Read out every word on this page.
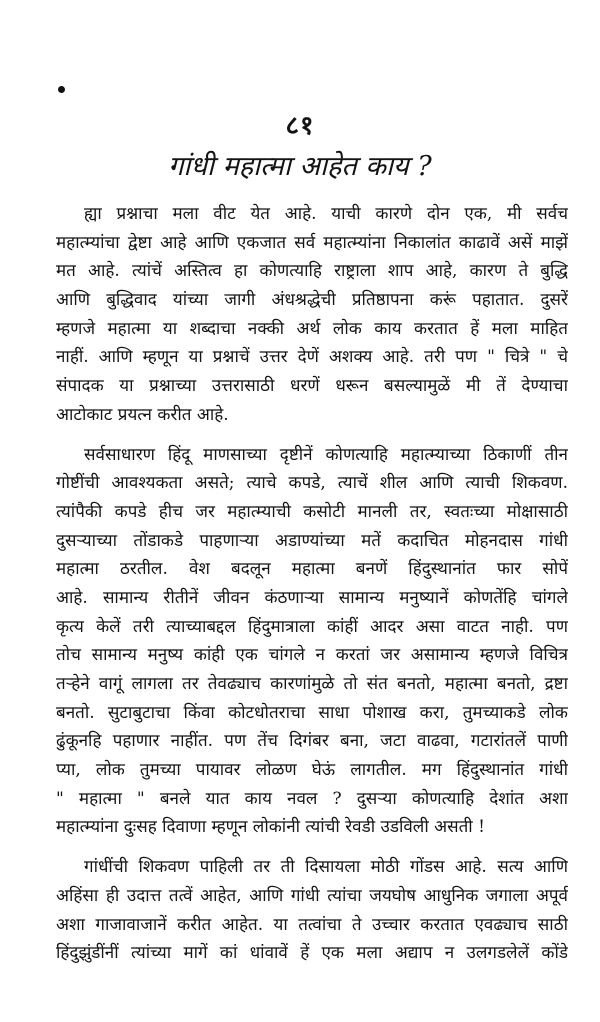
८१
गांधी महात्मा आहेत काय ?
ह्या प्रश्नाचा मला वीट येत आहे. याची कारणे दोन एक, मी सर्वच
महात्म्यांचा द्वेष्टा आहे आणि एकजात सर्व महात्म्यांना निकालांत काढावें असें माझें
मत आहे. त्यांचें अस्तित्व हा कोणत्याहि राष्ट्राला शाप आहे, कारण ते बुद्धि
आणि बुद्धिवाद यांच्या जागी अंधश्रद्धेची प्रतिष्ठापना करूं पहातात. दुसरें
म्हणजे महात्मा या शब्दाचा नक्की अर्थ लोक काय करतात हें मला माहित
नाहीं. आणि म्हणून या प्रश्नाचें उत्तर देणें अशक्य आहे. तरी पण " चित्रे " चे
संपादक या प्रश्नाच्या उत्तरासाठी धरणें धरून बसल्यामुळें मी तें देण्याचा
आटोकाट प्रयत्न करीत आहे.
सर्वसाधारण हिंदू माणसाच्या दृष्टीनें कोणत्याहि महात्म्याच्या ठिकाणीं तीन
गोष्टींची आवश्यकता असते; त्याचे कपडे, त्याचें शील आणि त्याची शिकवण.
त्यांपैकी कपडे हीच जर महात्म्याची कसोटी मानली तर, स्वतःच्या मोक्षासाठी
दुसऱ्याच्या तोंडाकडे पाहणाऱ्या अडाण्यांच्या मतें कदाचित मोहनदास गांधी
महात्मा ठरतील. वेश बदलून महात्मा बनणें हिंदुस्थानांत फार सोपें
आहे. सामान्य रीतीनें जीवन कंठणाऱ्या सामान्य मनुष्यानें कोणतेंहि चांगले
कृत्य केलें तरी त्याच्याबद्दल हिंदुमात्राला कांहीं आदर असा वाटत नाही. पण
तोच सामान्य मनुष्य कांही एक चांगले न करतां जर असामान्य म्हणजे विचित्र
तऱ्हेने वागूं लागला तर तेवढ्याच कारणांमुळे तो संत बनतो, महात्मा बनतो, द्रष्टा
बनतो. सुटाबुटाचा किंवा कोटधोतराचा साधा पोशाख करा, तुमच्याकडे लोक
ढुंकूनहि पहाणार नाहींत. पण तेंच दिगंबर बना, जटा वाढवा, गटारांतलें पाणी
प्या, लोक तुमच्या पायावर लोळण घेऊं लागतील. मग हिंदुस्थानांत गांधी
" महात्मा " बनले यात काय नवल ? दुसऱ्या कोणत्याहि देशांत अशा
महात्म्यांना दुःसह दिवाणा म्हणून लोकांनी त्यांची रेवडी उडविली असती !
गांधींची शिकवण पाहिली तर ती दिसायला मोठी गोंडस आहे. सत्य आणि
अहिंसा ही उदात्त तत्वें आहेत, आणि गांधी त्यांचा जयघोष आधुनिक जगाला अपूर्व
अशा गाजावाजानें करीत आहेत. या तत्वांचा ते उच्चार करतात एवढ्याच साठी
हिंदुझुंडींनीं त्यांच्या मागें कां धांवावें हें एक मला अद्याप न उलगडलेलें कोंडे
